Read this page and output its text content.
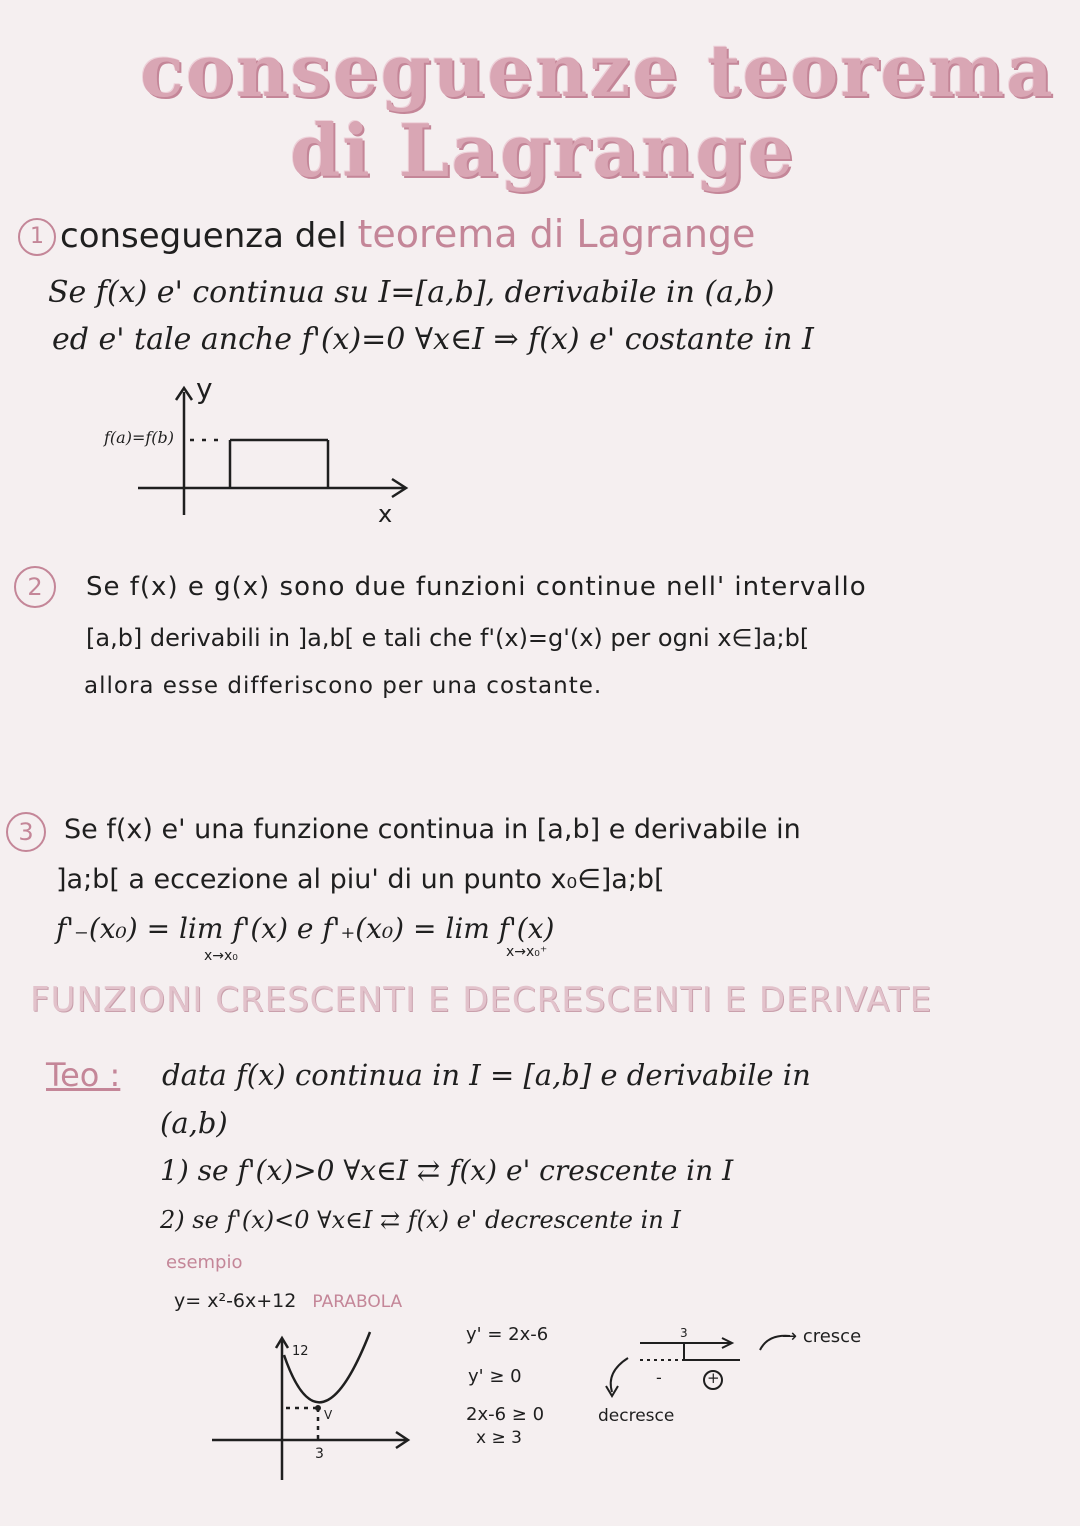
conseguenze teorema
di Lagrange
1 conseguenza del teorema di Lagrange
Se f(x) e' continua su I=[a,b], derivabile in (a,b)
ed e' tale anche f'(x)=0 ∀x∈I ⇒ f(x) e' costante in I
y
x
f(a)=f(b)
2	Se f(x) e g(x) sono due funzioni continue nell' intervallo
[a,b] derivabili in ]a,b[ e tali che f'(x)=g'(x) per ogni x∈]a;b[
allora esse differiscono per una costante.
3	Se f(x) e' una funzione continua in [a,b] e derivabile in
]a;b[ a eccezione al piu' di un punto x₀∈]a;b[
f'₋(x₀) = lim f'(x) e f'₊(x₀) = lim f'(x)
x→x₀	x→x₀⁺
FUNZIONI CRESCENTI E DECRESCENTI E DERIVATE
Teo : data f(x) continua in I = [a,b] e derivabile in
(a,b)
1) se f'(x)>0 ∀x∈I ⇄ f(x) e' crescente in I
2) se f'(x)<0 ∀x∈I ⇄ f(x) e' decrescente in I
esempio
y= x²-6x+12 PARABOLA
12
3
V
y' = 2x-6
y' ≥ 0
2x-6 ≥ 0
x ≥ 3
3
+
-
→ cresce
decresce
